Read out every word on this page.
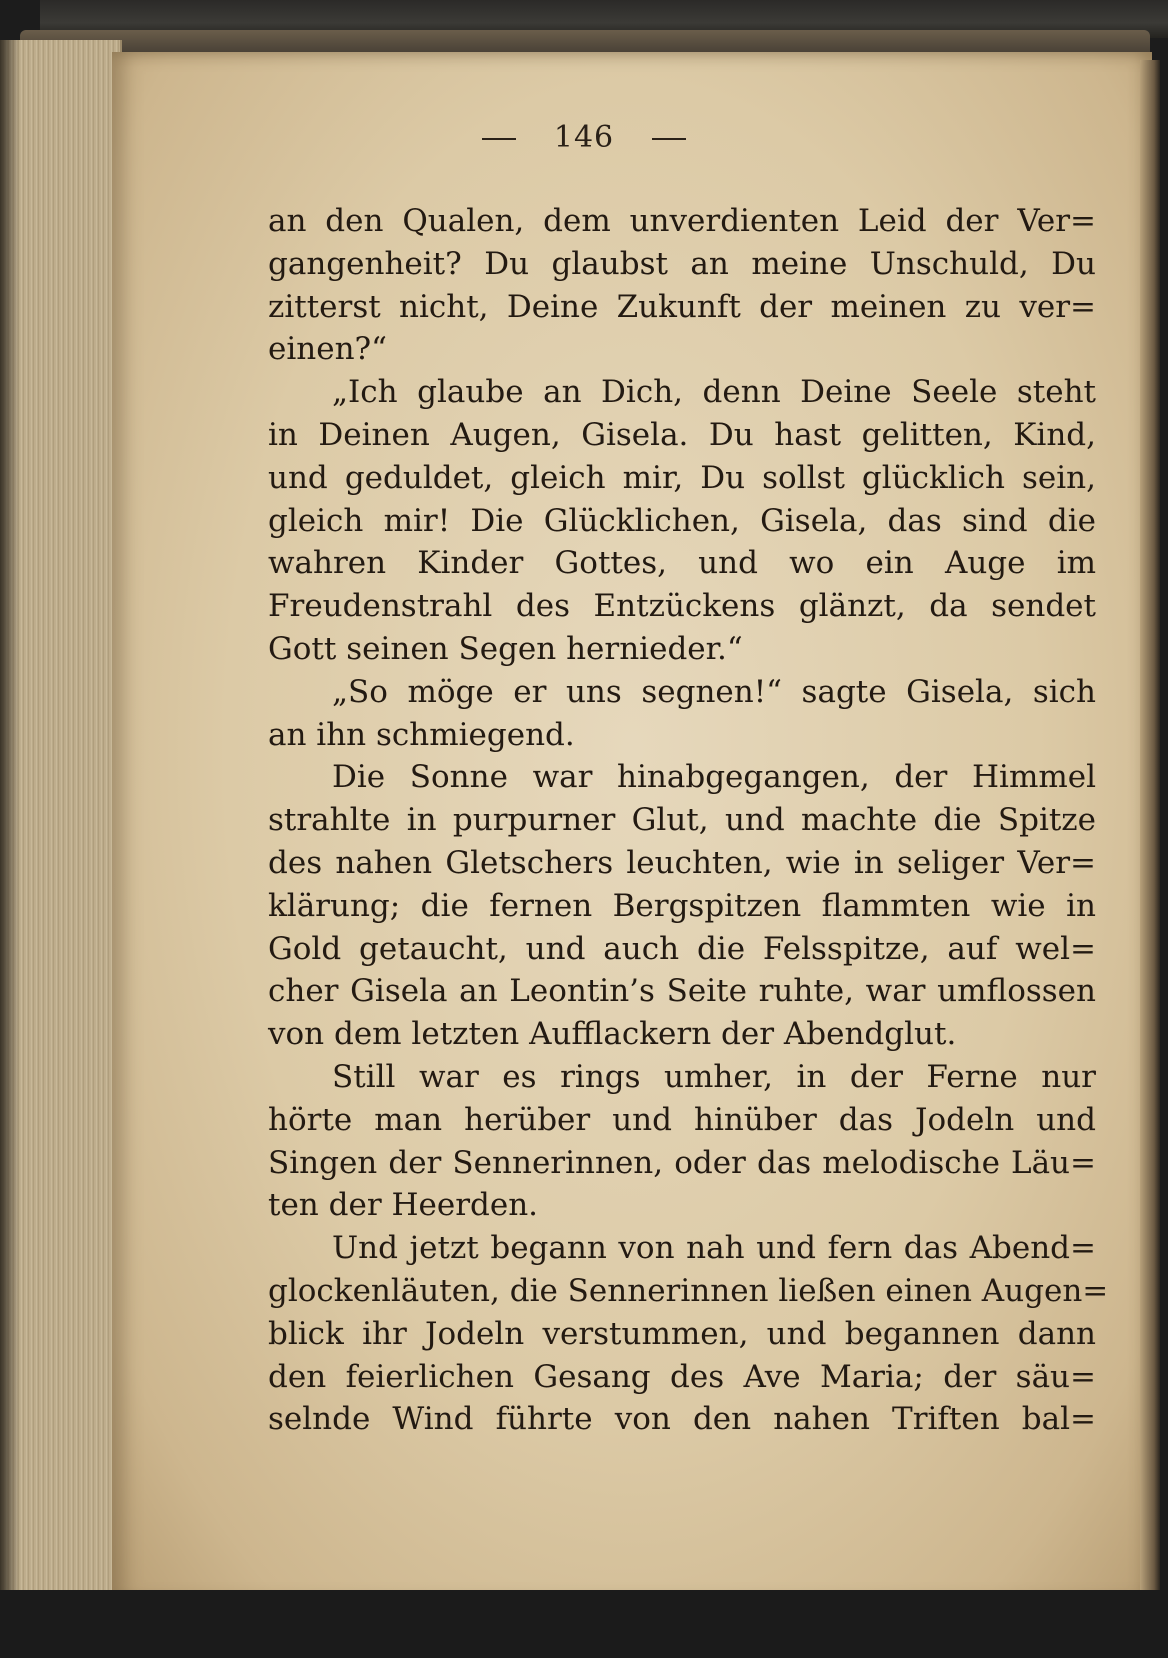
146
an den Qualen, dem unverdienten Leid der Ver=
gangenheit? Du glaubst an meine Unschuld, Du
zitterst nicht, Deine Zukunft der meinen zu ver=
einen?“
„Ich glaube an Dich, denn Deine Seele steht
in Deinen Augen, Gisela. Du hast gelitten, Kind,
und geduldet, gleich mir, Du sollst glücklich sein,
gleich mir! Die Glücklichen, Gisela, das sind die
wahren Kinder Gottes, und wo ein Auge im
Freudenstrahl des Entzückens glänzt, da sendet
Gott seinen Segen hernieder.“
„So möge er uns segnen!“ sagte Gisela, sich
an ihn schmiegend.
Die Sonne war hinabgegangen, der Himmel
strahlte in purpurner Glut, und machte die Spitze
des nahen Gletschers leuchten, wie in seliger Ver=
klärung; die fernen Bergspitzen flammten wie in
Gold getaucht, und auch die Felsspitze, auf wel=
cher Gisela an Leontin’s Seite ruhte, war umflossen
von dem letzten Aufflackern der Abendglut.
Still war es rings umher, in der Ferne nur
hörte man herüber und hinüber das Jodeln und
Singen der Sennerinnen, oder das melodische Läu=
ten der Heerden.
Und jetzt begann von nah und fern das Abend=
glockenläuten, die Sennerinnen ließen einen Augen=
blick ihr Jodeln verstummen, und begannen dann
den feierlichen Gesang des Ave Maria; der säu=
selnde Wind führte von den nahen Triften bal=
